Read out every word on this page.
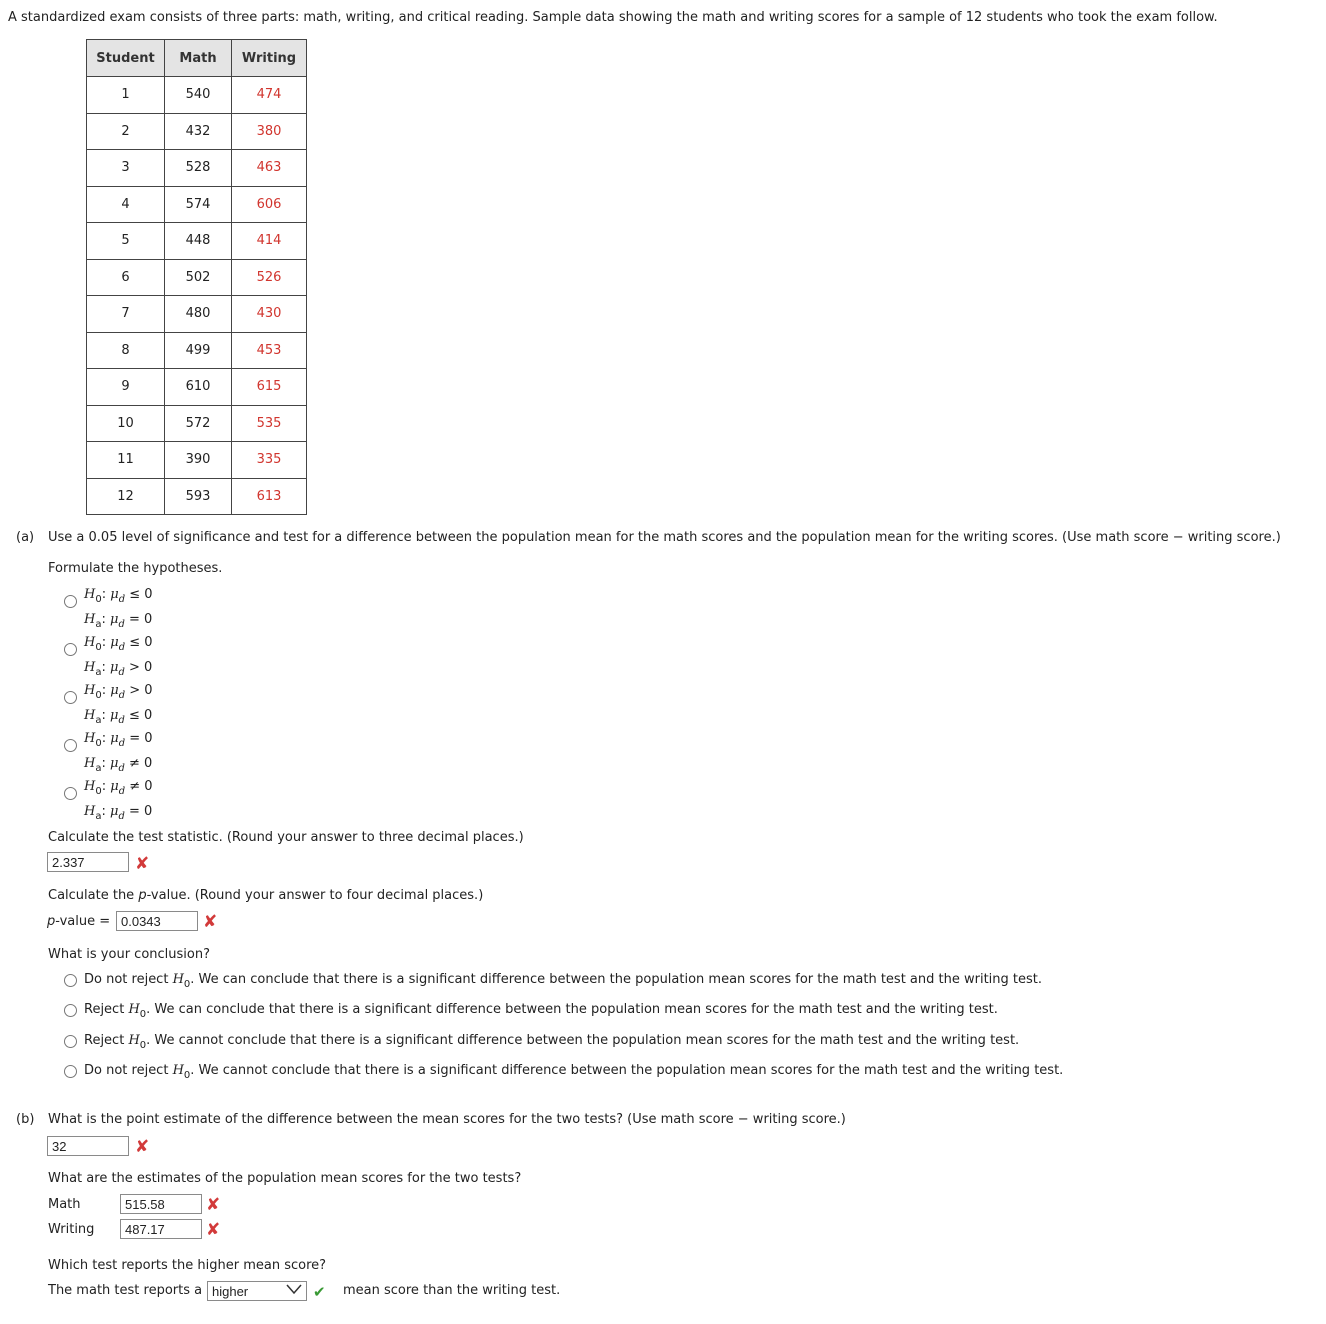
A standardized exam consists of three parts: math, writing, and critical reading. Sample data showing the math and writing scores for a sample of 12 students who took the exam follow.
Student	Math	Writing
1	540	474
2	432	380
3	528	463
4	574	606
5	448	414
6	502	526
7	480	430
8	499	453
9	610	615
10	572	535
11	390	335
12	593	613
(a) Use a 0.05 level of significance and test for a difference between the population mean for the math scores and the population mean for the writing scores. (Use math score − writing score.)
Formulate the hypotheses.
$H_0$: $\mu_d \le 0$
$H_a$: $\mu_d = 0$
$H_0$: $\mu_d \le 0$
$H_a$: $\mu_d > 0$
$H_0$: $\mu_d > 0$
$H_a$: $\mu_d \le 0$
$H_0$: $\mu_d = 0$
$H_a$: $\mu_d \ne 0$
$H_0$: $\mu_d \ne 0$
$H_a$: $\mu_d = 0$
Calculate the test statistic. (Round your answer to three decimal places.)
2.337	✘
Calculate the p-value. (Round your answer to four decimal places.)
p-value = 0.0343	✘
What is your conclusion?
Do not reject $H_0$. We can conclude that there is a significant difference between the population mean scores for the math test and the writing test.
Reject $H_0$. We can conclude that there is a significant difference between the population mean scores for the math test and the writing test.
Reject $H_0$. We cannot conclude that there is a significant difference between the population mean scores for the math test and the writing test.
Do not reject $H_0$. We cannot conclude that there is a significant difference between the population mean scores for the math test and the writing test.
(b) What is the point estimate of the difference between the mean scores for the two tests? (Use math score − writing score.)
32	✘
What are the estimates of the population mean scores for the two tests?
Math	515.58	✘
Writing	487.17	✘
Which test reports the higher mean score?
The math test reports a higher	✔ mean score than the writing test.
